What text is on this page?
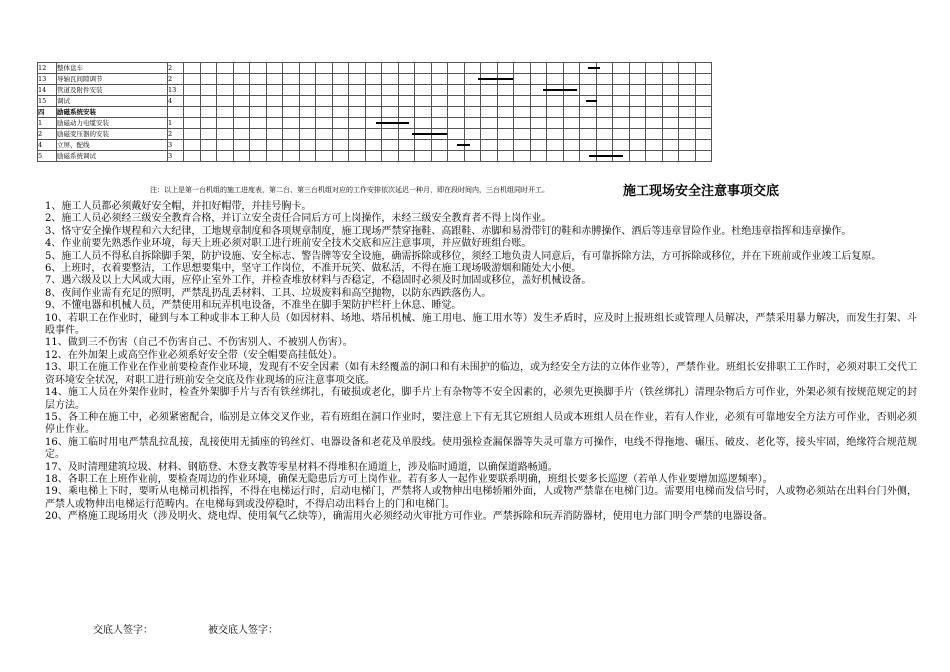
12	整体盘车	2																									

13	导轴瓦间隙调节	2																		

14	管道及附件安装	13																						

15	调试	4																									

四	励磁系统安装																																	
1	励磁动力电缆安装	1												

2	励磁变压器的安装	2														

4	立屏、配线	3																	

5	励磁系统调试	3																									

注：以上是第一台机组的施工进度表，第二台、第三台机组对应的工作安排依次延迟一种月，即在段时间内，三台机组同时开工。	施工现场安全注意事项交底

1、施工人员都必须戴好安全帽，并扣好帽带，并挂号胸卡。

2、施工人员必须经三级安全教育合格，并订立安全责任合同后方可上岗操作，未经三级安全教育者不得上岗作业。

3、恪守安全操作规程和六大纪律，工地规章制度和各项规章制度，施工现场严禁穿拖鞋、高跟鞋、赤脚和易滑带钉的鞋和赤膊操作、酒后等违章冒险作业。杜绝违章指挥和违章操作。

4、作业前要先熟悉作业环境，每天上班必须对职工进行班前安全技术交底和应注意事项，并应做好班组台账。

5、施工人员不得私自拆除脚手架，防护设施、安全标志、警告牌等安全设施，确需拆除或移位，须经工地负责人同意后，有可靠拆除方法，方可拆除或移位，并在下班前或作业竣工后复原。

6、上班时，衣着要整洁，工作思想要集中，坚守工作岗位，不准开玩笑、做私活，不得在施工现场吸游烟和随处大小便。

7、遇六级及以上大风或大雨，应停止室外工作，并检查堆放材料与否稳定，不稳固时必须及时加固或移位，盖好机械设备。

8、夜间作业需有充足的照明，严禁乱扔乱丢材料、工具、垃圾废料和高空抛物，以防东西跌落伤人。

9、不懂电器和机械人员，严禁使用和玩弄机电设备，不准坐在脚手架防护栏杆上休息、睡觉。

10、若职工在作业时，碰到与本工种或非本工种人员（如因材料、场地、塔吊机械、施工用电、施工用水等）发生矛盾时，应及时上报班组长或管理人员解决，严禁采用暴力解决，而发生打架、斗殴事件。

11、做到三不伤害（自己不伤害自己、不伤害别人、不被别人伤害）。

12、在外加架上或高空作业必须系好安全带（安全帽要高挂低处）。

13、职工在施工作业在作业前要检查作业环境，发现有不安全因素（如有未经覆盖的洞口和有未围护的临边，或为经安全方法的立体作业等），严禁作业。班组长安排职工工作时，必须对职工交代工资环境安全状况，对职工进行班前安全交底及作业现场的应注意事项交底。

14、施工人员在外架作业时，检查外架脚手片与否有铁丝绑扎，有破损或老化，脚手片上有杂物等不安全因素的，必须先更换脚手片（铁丝绑扎）清理杂物后方可作业，外架必须有按规范规定的封层方法。

15、各工种在施工中，必须紧密配合，临别是立体交叉作业，若有班组在洞口作业时，要注意上下有无其它班组人员或本班组人员在作业，若有人作业，必须有可靠地安全方法方可作业，否则必须停止作业。

16、施工临时用电严禁乱拉乱接，乱接使用无插座的钨丝灯、电器设备和老花及单股线。使用强检查漏保器等失灵可靠方可操作，电线不得拖地、碾压、破皮、老化等，接头牢固，绝缘符合规范规定。

17、及时清理建筑垃圾、材料、钢筋登、木登支教等零星材料不得堆积在通道上，涉及临时通道，以确保道路畅通。

18、各职工在上班作业前，要检查周边的作业环境，确保无隐患后方可上岗作业。若有多人一起作业要联系明确，班组长要多长巡逻（若单人作业要增加巡逻频率）。

19、乘电梯上下时，要听从电梯司机指挥，不得在电梯运行时，启动电梯门，严禁将人或物伸出电梯轿厢外面，人或物严禁靠在电梯门边。需要用电梯而发信号时，人或物必须站在出料台门外侧，严禁人或物伸出电梯运行范畴内。在电梯每到或没停稳时，不得启动出料台上的门和电梯门。

20、严格施工现场用火（涉及明火、烧电焊、使用氧气乙炔等），确需用火必须经动火审批方可作业。严禁拆除和玩弄消防器材，使用电力部门明令严禁的电器设备。

交底人签字：	被交底人签字：
